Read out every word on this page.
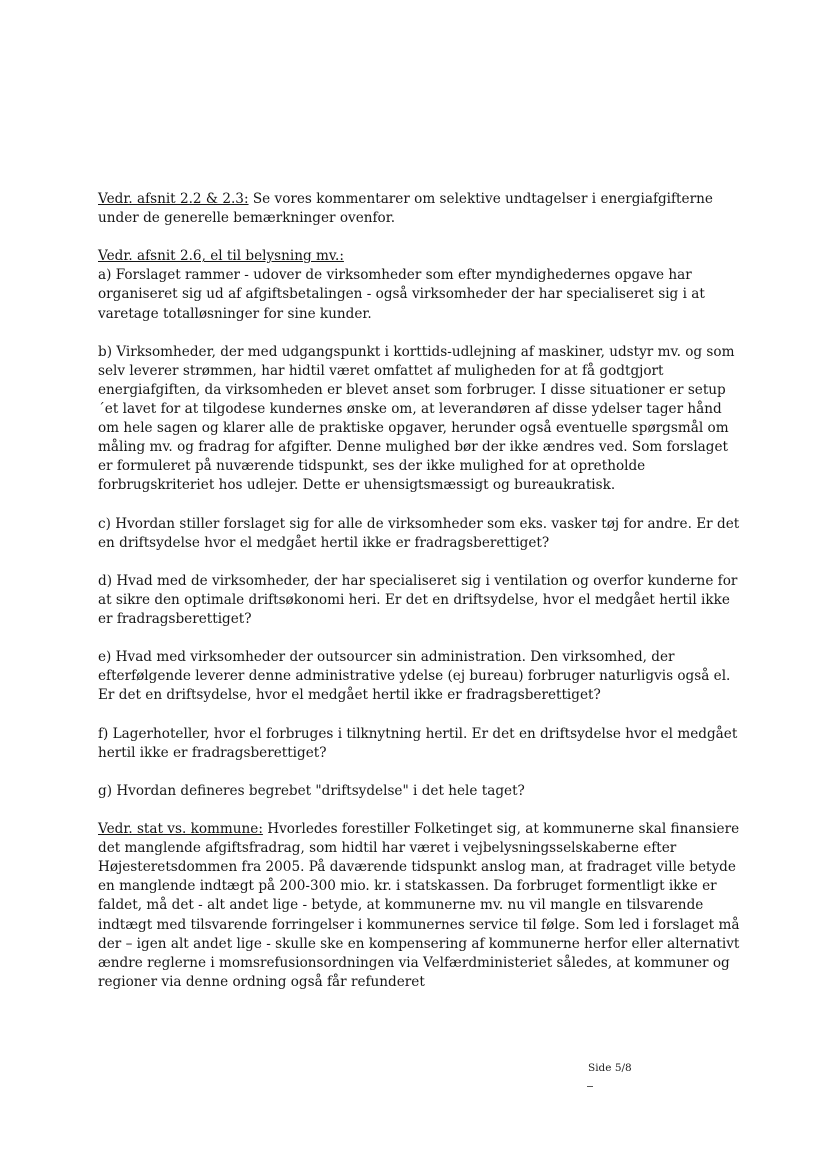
Vedr. afsnit 2.2 & 2.3: Se vores kommentarer om selektive undtagelser i energiafgifterne under de generelle bemærkninger ovenfor.

Vedr. afsnit 2.6, el til belysning mv.:
a) Forslaget rammer - udover de virksomheder som efter myndighedernes opgave har organiseret sig ud af afgiftsbetalingen - også virksomheder der har specialiseret sig i at varetage totalløsninger for sine kunder.

b) Virksomheder, der med udgangspunkt i korttids-udlejning af maskiner, udstyr mv. og som selv leverer strømmen, har hidtil været omfattet af muligheden for at få godtgjort energiafgiften, da virksomheden er blevet anset som forbruger. I disse situationer er setup´et lavet for at tilgodese kundernes ønske om, at leverandøren af disse ydelser tager hånd om hele sagen og klarer alle de praktiske opgaver, herunder også eventuelle spørgsmål om måling mv. og fradrag for afgifter. Denne mulighed bør der ikke ændres ved. Som forslaget er formuleret på nuværende tidspunkt, ses der ikke mulighed for at opretholde forbrugskriteriet hos udlejer. Dette er uhensigtsmæssigt og bureaukratisk.

c) Hvordan stiller forslaget sig for alle de virksomheder som eks. vasker tøj for andre. Er det en driftsydelse hvor el medgået hertil ikke er fradragsberettiget?

d) Hvad med de virksomheder, der har specialiseret sig i ventilation og overfor kunderne for at sikre den optimale driftsøkonomi heri. Er det en driftsydelse, hvor el medgået hertil ikke er fradragsberettiget?

e) Hvad med virksomheder der outsourcer sin administration. Den virksomhed, der efterfølgende leverer denne administrative ydelse (ej bureau) forbruger naturligvis også el. Er det en driftsydelse, hvor el medgået hertil ikke er fradragsberettiget?

f) Lagerhoteller, hvor el forbruges i tilknytning hertil. Er det en driftsydelse hvor el medgået hertil ikke er fradragsberettiget?

g) Hvordan defineres begrebet "driftsydelse" i det hele taget?

Vedr. stat vs. kommune: Hvorledes forestiller Folketinget sig, at kommunerne skal finansiere det manglende afgiftsfradrag, som hidtil har været i vejbelysningsselskaberne efter Højesteretsdommen fra 2005. På daværende tidspunkt anslog man, at fradraget ville betyde en manglende indtægt på 200-300 mio. kr. i statskassen. Da forbruget formentligt ikke er faldet, må det - alt andet lige - betyde, at kommunerne mv. nu vil mangle en tilsvarende indtægt med tilsvarende forringelser i kommunernes service til følge. Som led i forslaget må der – igen alt andet lige - skulle ske en kompensering af kommunerne herfor eller alternativt ændre reglerne i momsrefusionsordningen via Velfærdministeriet således, at kommuner og regioner via denne ordning også får refunderet

Side 5/8
